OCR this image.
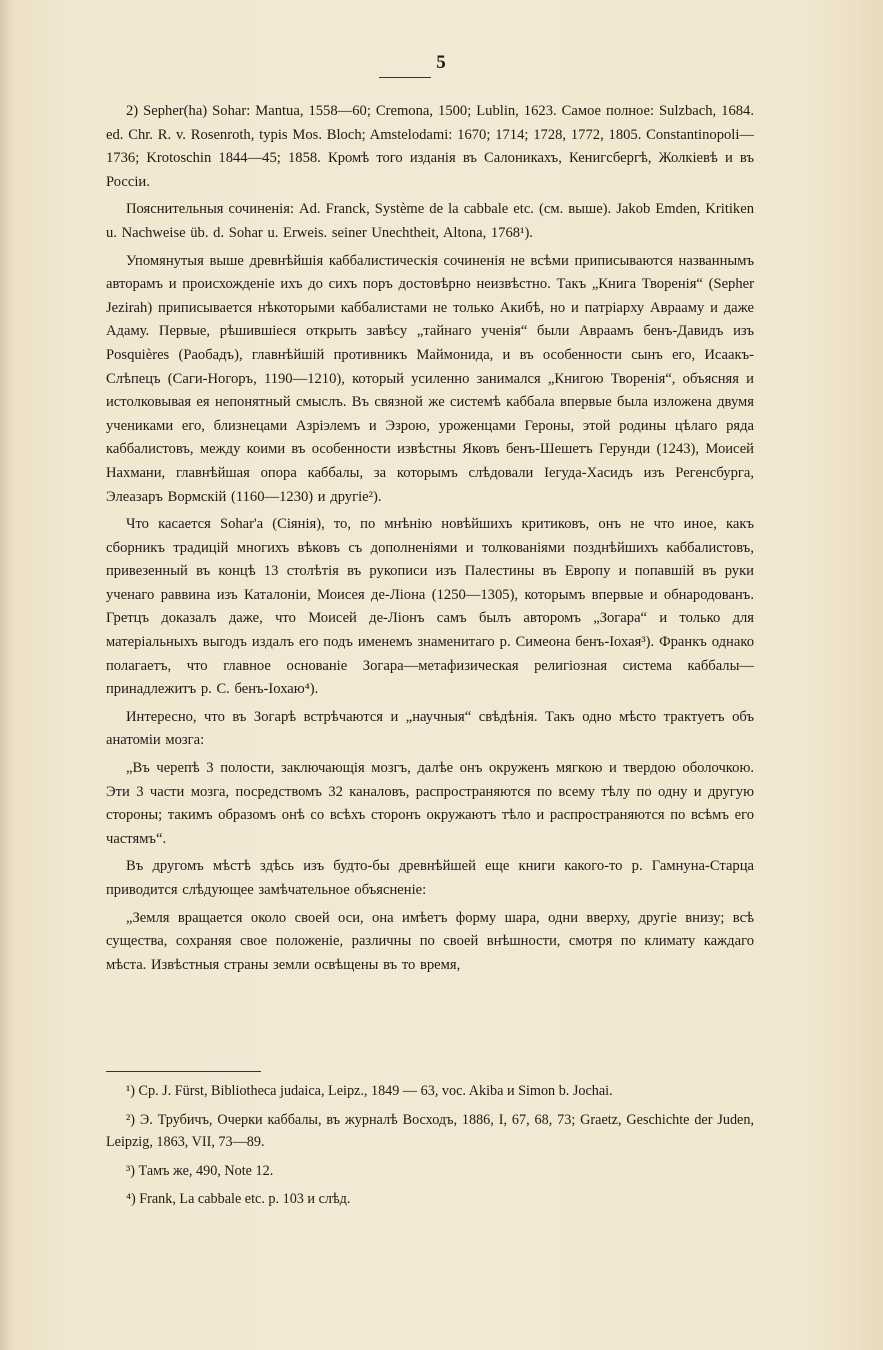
5

2) Sepher(ha) Sohar: Mantua, 1558—60; Cremona, 1500; Lublin, 1623. Самое полное: Sulzbach, 1684. ed. Chr. R. v. Rosenroth, typis Mos. Bloch; Amstelodami: 1670; 1714; 1728, 1772, 1805. Constantinopoli—1736; Krotoschin 1844—45; 1858. Кромѣ того изданія въ Салоникахъ, Кенигсбергѣ, Жолкіевѣ и въ Россіи.

Пояснительныя сочиненія: Ad. Franck, Système de la cabbale etc. (см. выше). Jakob Emden, Kritiken u. Nachweise üb. d. Sohar u. Erweis. seiner Unechtheit, Altona, 1768¹).

Упомянутыя выше древнѣйшія каббалистическія сочиненія не всѣми приписываются названнымъ авторамъ и происхожденіе ихъ до сихъ поръ достовѣрно неизвѣстно. Такъ „Книга Творенія“ (Sepher Jezirah) приписывается нѣкоторыми каббалистами не только Акибѣ, но и патріарху Аврааму и даже Адаму. Первые, рѣшившіеся открыть завѣсу „тайнаго ученія“ были Авраамъ бенъ-Давидъ изъ Posquières (Раобадъ), главнѣйшій противникъ Маймонида, и въ особенности сынъ его, Исаакъ-Слѣпецъ (Саги-Ногоръ, 1190—1210), который усиленно занимался „Книгою Творенія“, объясняя и истолковывая ея непонятный смыслъ. Въ связной же системѣ каббала впервые была изложена двумя учениками его, близнецами Азріэлемъ и Эзрою, уроженцами Героны, этой родины цѣлаго ряда каббалистовъ, между коими въ особенности извѣстны Яковъ бенъ-Шешетъ Герунди (1243), Моисей Нахмани, главнѣйшая опора каббалы, за которымъ слѣдовали Іегуда-Хасидъ изъ Регенсбурга, Элеазаръ Вормскій (1160—1230) и другіе²).

Что касается Sohar'а (Сіянія), то, по мнѣнію новѣйшихъ критиковъ, онъ не что иное, какъ сборникъ традицій многихъ вѣковъ съ дополненіями и толкованіями позднѣйшихъ каббалистовъ, привезенный въ концѣ 13 столѣтія въ рукописи изъ Палестины въ Европу и попавшій въ руки ученаго раввина изъ Каталоніи, Моисея де-Ліона (1250—1305), которымъ впервые и обнародованъ. Гретцъ доказалъ даже, что Моисей де-Ліонъ самъ былъ авторомъ „Зогара“ и только для матеріальныхъ выгодъ издалъ его подъ именемъ знаменитаго р. Симеона бенъ-Іохая³). Франкъ однако полагаетъ, что главное основаніе Зогара—метафизическая религіозная система каббалы—принадлежитъ р. С. бенъ-Іохаю⁴).

Интересно, что въ Зогарѣ встрѣчаются и „научныя“ свѣдѣнія. Такъ одно мѣсто трактуетъ объ анатоміи мозга:

„Въ черепѣ 3 полости, заключающія мозгъ, далѣе онъ окруженъ мягкою и твердою оболочкою. Эти 3 части мозга, посредствомъ 32 каналовъ, распространяются по всему тѣлу по одну и другую стороны; такимъ образомъ онѣ со всѣхъ сторонъ окружаютъ тѣло и распространяются по всѣмъ его частямъ“.

Въ другомъ мѣстѣ здѣсь изъ будто-бы древнѣйшей еще книги какого-то р. Гамнуна-Старца приводится слѣдующее замѣчательное объясненіе:

„Земля вращается около своей оси, она имѣетъ форму шара, одни вверху, другіе внизу; всѣ существа, сохраняя свое положеніе, различны по своей внѣшности, смотря по климату каждаго мѣста. Извѣстныя страны земли освѣщены въ то время,

¹) Cp. J. Fürst, Bibliotheca judaica, Leipz., 1849 — 63, voc. Akiba и Simon b. Jochai.

²) Э. Трубичъ, Очерки каббалы, въ журналѣ Восходъ, 1886, I, 67, 68, 73; Graetz, Geschichte der Juden, Leipzig, 1863, VII, 73—89.

³) Тамъ же, 490, Note 12.

⁴) Frank, La cabbale etc. p. 103 и слѣд.
